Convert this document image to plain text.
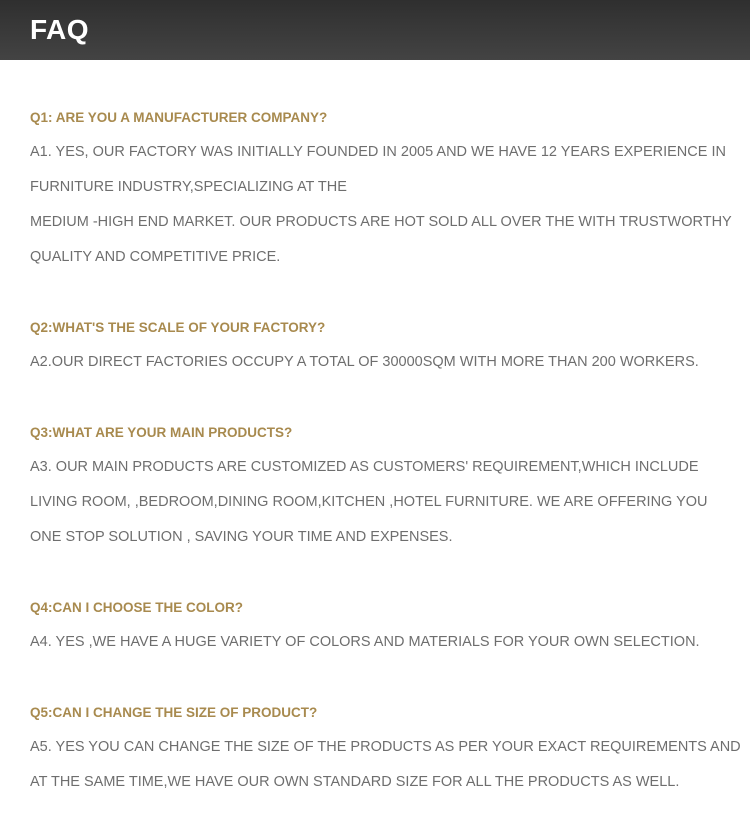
FAQ
Q1: ARE YOU A MANUFACTURER COMPANY?
A1. YES, OUR FACTORY WAS INITIALLY FOUNDED IN 2005 AND WE HAVE 12 YEARS EXPERIENCE IN
FURNITURE INDUSTRY,SPECIALIZING AT THE
MEDIUM -HIGH END MARKET. OUR PRODUCTS ARE HOT SOLD ALL OVER THE WITH TRUSTWORTHY
QUALITY AND COMPETITIVE PRICE.
Q2:WHAT'S THE SCALE OF YOUR FACTORY?
A2.OUR DIRECT FACTORIES OCCUPY A TOTAL OF 30000SQM WITH MORE THAN 200 WORKERS.
Q3:WHAT ARE YOUR MAIN PRODUCTS?
A3. OUR MAIN PRODUCTS ARE CUSTOMIZED AS CUSTOMERS' REQUIREMENT,WHICH INCLUDE
LIVING ROOM, ,BEDROOM,DINING ROOM,KITCHEN ,HOTEL FURNITURE. WE ARE OFFERING YOU
ONE STOP SOLUTION , SAVING YOUR TIME AND EXPENSES.
Q4:CAN I CHOOSE THE COLOR?
A4. YES ,WE HAVE A HUGE VARIETY OF COLORS AND MATERIALS FOR YOUR OWN SELECTION.
Q5:CAN I CHANGE THE SIZE OF PRODUCT?
A5. YES YOU CAN CHANGE THE SIZE OF THE PRODUCTS AS PER YOUR EXACT REQUIREMENTS AND
AT THE SAME TIME,WE HAVE OUR OWN STANDARD SIZE FOR ALL THE PRODUCTS AS WELL.
